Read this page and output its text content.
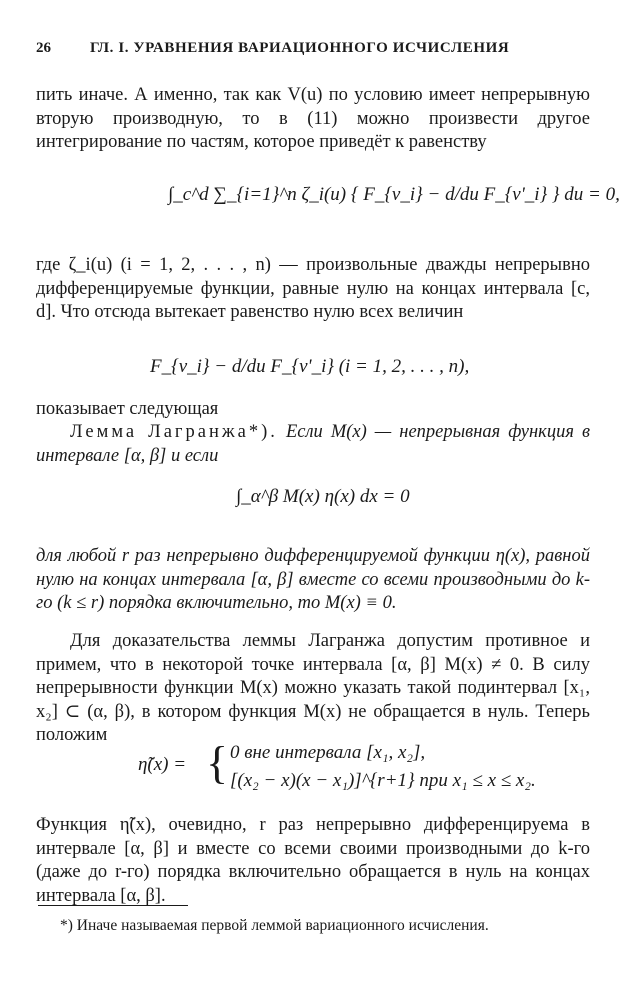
26	ГЛ. I. УРАВНЕНИЯ ВАРИАЦИОННОГО ИСЧИСЛЕНИЯ
пить иначе. А именно, так как V(u) по условию имеет непрерывную вторую производную, то в (11) можно произвести другое интегрирование по частям, которое приведёт к равенству
∫_c^d ∑_{i=1}^n ζ_i(u) { F_{v_i} − d/du F_{v'_i} } du = 0,
где ζ_i(u) (i = 1, 2, . . . , n) — произвольные дважды непрерывно дифференцируемые функции, равные нулю на концах интервала [c, d]. Что отсюда вытекает равенство нулю всех величин
F_{v_i} − d/du F_{v'_i} (i = 1, 2, . . . , n),
показывает следующая
Лемма Лагранжа*). Если M(x) — непрерывная функция в интервале [α, β] и если
∫_α^β M(x) η(x) dx = 0
для любой r раз непрерывно дифференцируемой функции η(x), равной нулю на концах интервала [α, β] вместе со всеми производными до k-го (k ≤ r) порядка включительно, то M(x) ≡ 0.
Для доказательства леммы Лагранжа допустим противное и примем, что в некоторой точке интервала [α, β] M(x) ≠ 0. В силу непрерывности функции M(x) можно указать такой подинтервал [x₁, x₂] ⊂ (α, β), в котором функция M(x) не обращается в нуль. Теперь положим
η̃(x) = { 0 вне интервала [x₁, x₂],
[(x₂ − x)(x − x₁)]^{r+1} при x₁ ≤ x ≤ x₂.
Функция η̃(x), очевидно, r раз непрерывно дифференцируема в интервале [α, β] и вместе со всеми своими производными до k-го (даже до r-го) порядка включительно обращается в нуль на концах интервала [α, β].
*) Иначе называемая первой леммой вариационного исчисления.
